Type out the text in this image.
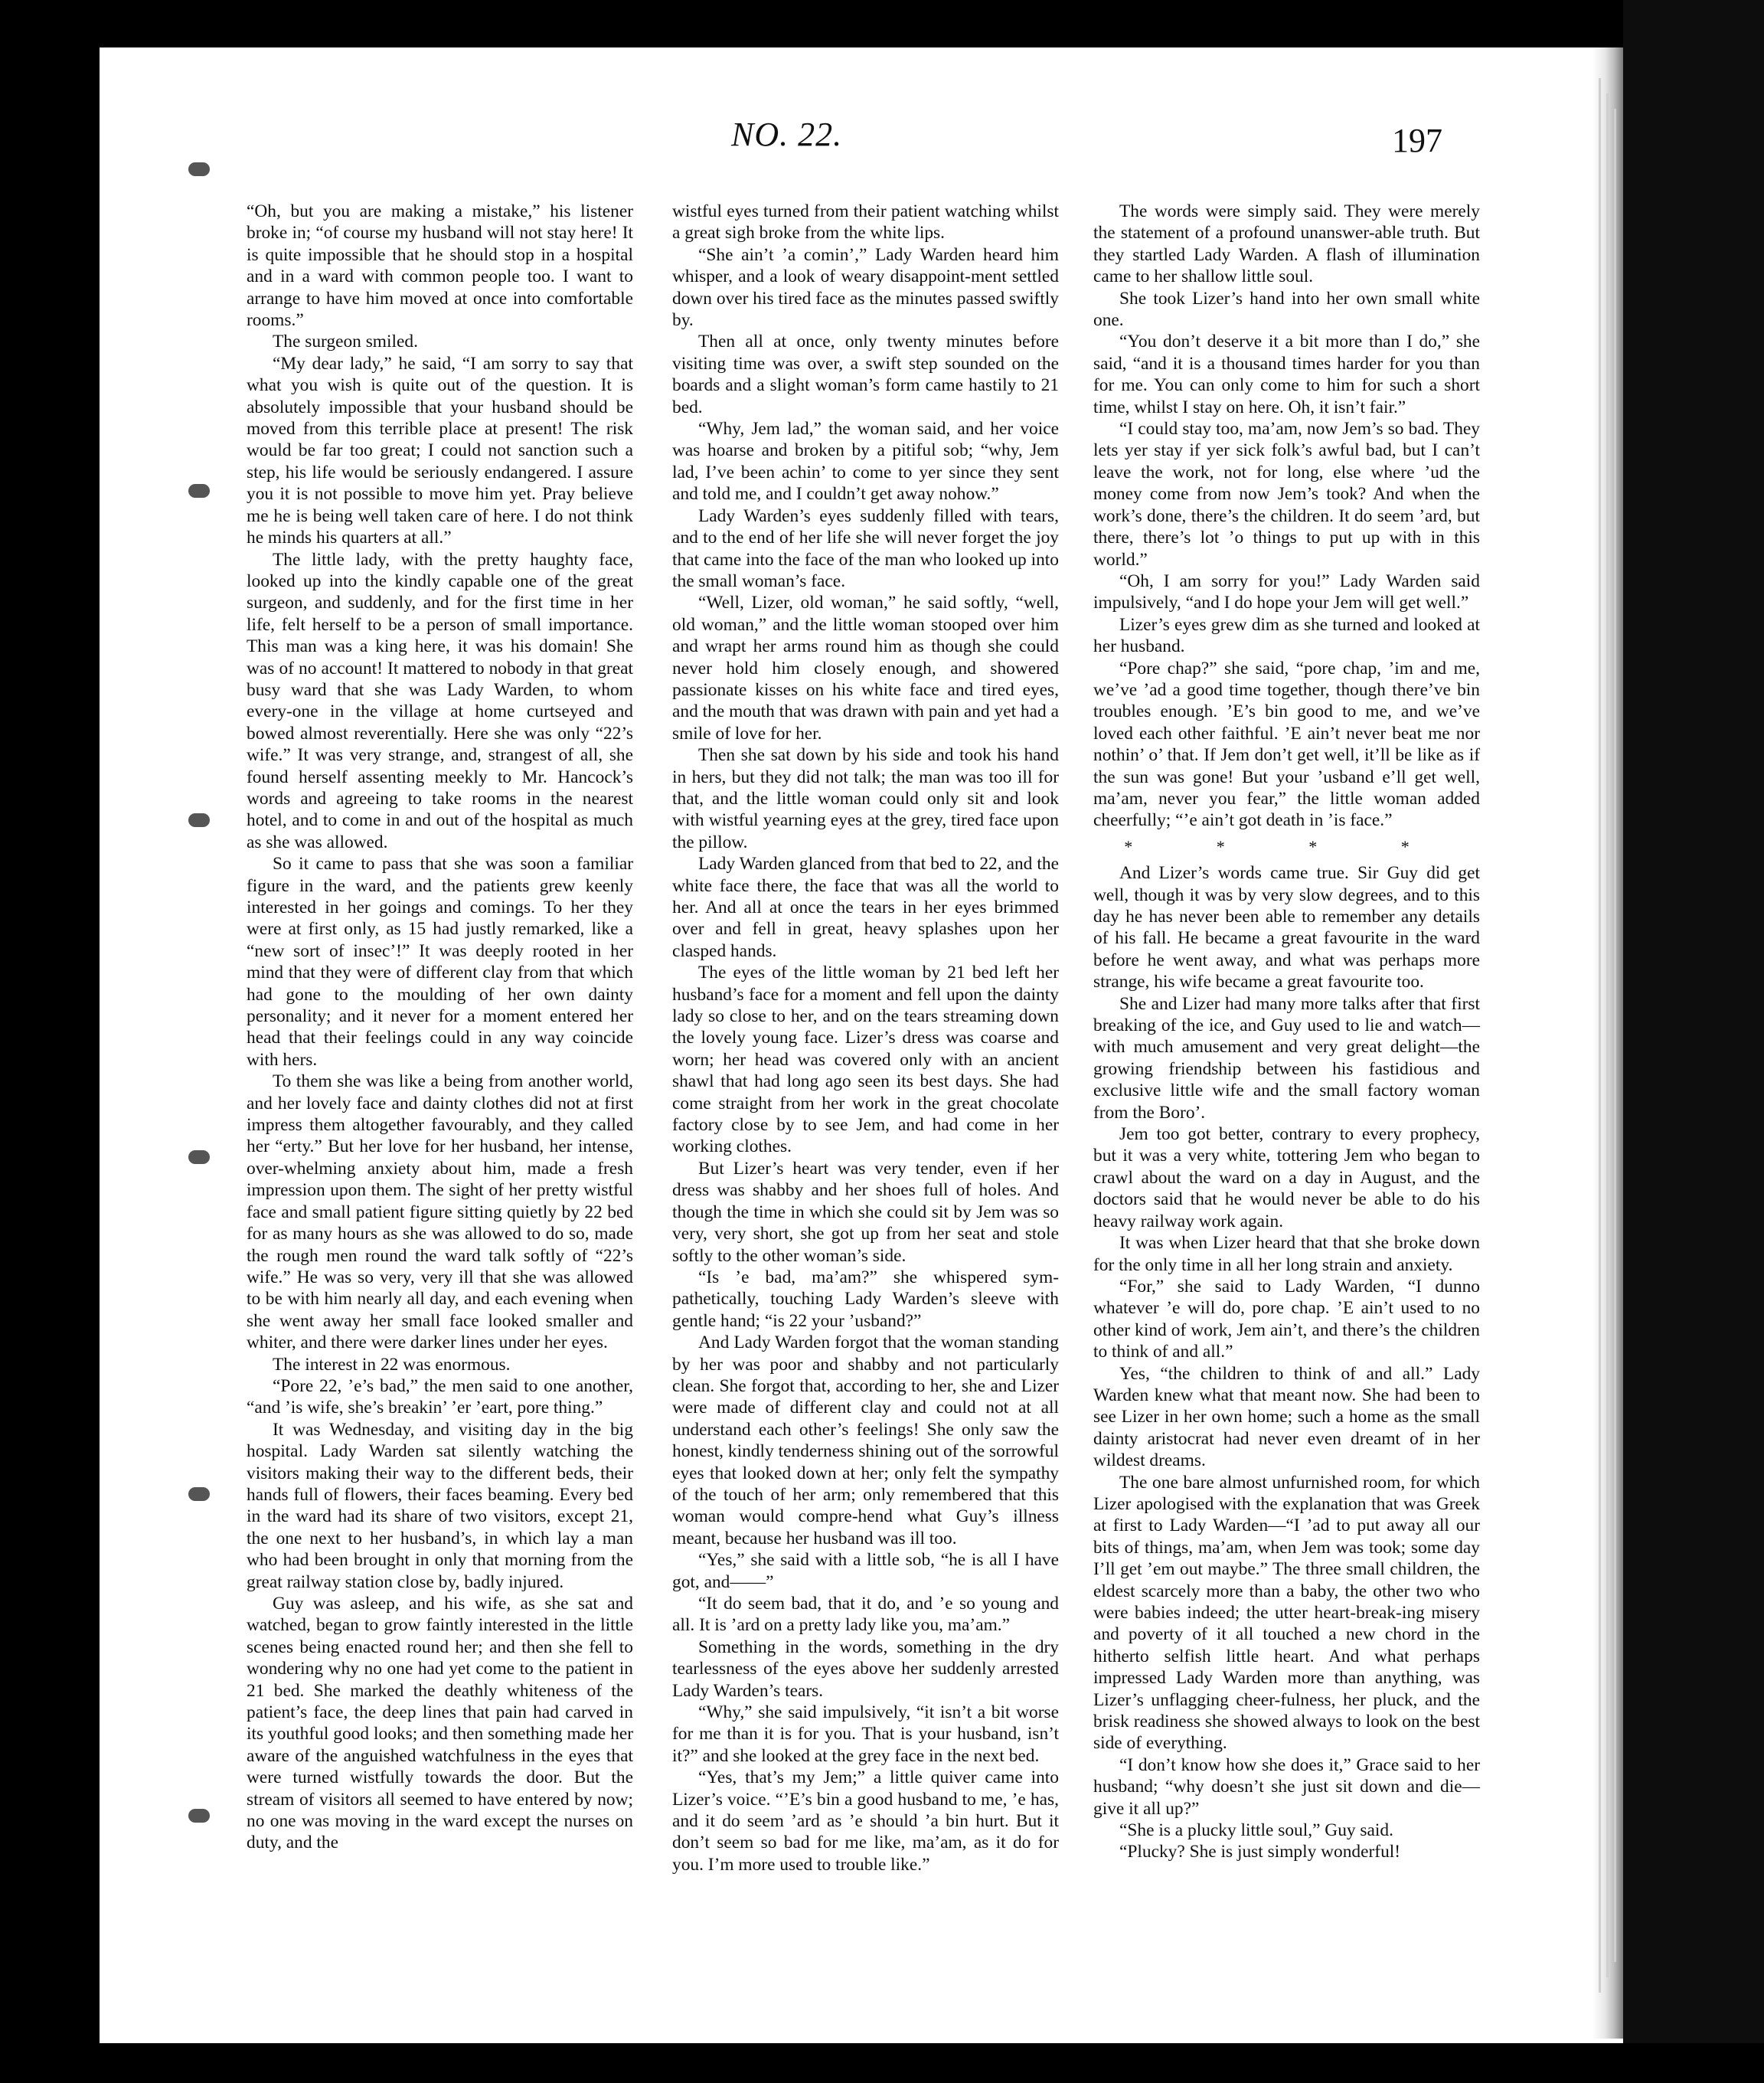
NO. 22.	197

“Oh, but you are making a mistake,” his listener broke in; “of course my husband will not stay here! It is quite impossible that he should stop in a hospital and in a ward with common people too. I want to arrange to have him moved at once into comfortable rooms.”

The surgeon smiled.

“My dear lady,” he said, “I am sorry to say that what you wish is quite out of the question. It is absolutely impossible that your husband should be moved from this terrible place at present! The risk would be far too great; I could not sanction such a step, his life would be seriously endangered. I assure you it is not possible to move him yet. Pray believe me he is being well taken care of here. I do not think he minds his quarters at all.”

The little lady, with the pretty haughty face, looked up into the kindly capable one of the great surgeon, and suddenly, and for the first time in her life, felt herself to be a person of small importance. This man was a king here, it was his domain! She was of no account! It mattered to nobody in that great busy ward that she was Lady Warden, to whom every-one in the village at home curtseyed and bowed almost reverentially. Here she was only “22’s wife.” It was very strange, and, strangest of all, she found herself assenting meekly to Mr. Hancock’s words and agreeing to take rooms in the nearest hotel, and to come in and out of the hospital as much as she was allowed.

So it came to pass that she was soon a familiar figure in the ward, and the patients grew keenly interested in her goings and comings. To her they were at first only, as 15 had justly remarked, like a “new sort of insec’!” It was deeply rooted in her mind that they were of different clay from that which had gone to the moulding of her own dainty personality; and it never for a moment entered her head that their feelings could in any way coincide with hers.

To them she was like a being from another world, and her lovely face and dainty clothes did not at first impress them altogether favourably, and they called her “erty.” But her love for her husband, her intense, over-whelming anxiety about him, made a fresh impression upon them. The sight of her pretty wistful face and small patient figure sitting quietly by 22 bed for as many hours as she was allowed to do so, made the rough men round the ward talk softly of “22’s wife.” He was so very, very ill that she was allowed to be with him nearly all day, and each evening when she went away her small face looked smaller and whiter, and there were darker lines under her eyes.

The interest in 22 was enormous.

“Pore 22, ’e’s bad,” the men said to one another, “and ’is wife, she’s breakin’ ’er ’eart, pore thing.”

It was Wednesday, and visiting day in the big hospital. Lady Warden sat silently watching the visitors making their way to the different beds, their hands full of flowers, their faces beaming. Every bed in the ward had its share of two visitors, except 21, the one next to her husband’s, in which lay a man who had been brought in only that morning from the great railway station close by, badly injured.

Guy was asleep, and his wife, as she sat and watched, began to grow faintly interested in the little scenes being enacted round her; and then she fell to wondering why no one had yet come to the patient in 21 bed. She marked the deathly whiteness of the patient’s face, the deep lines that pain had carved in its youthful good looks; and then something made her aware of the anguished watchfulness in the eyes that were turned wistfully towards the door. But the stream of visitors all seemed to have entered by now; no one was moving in the ward except the nurses on duty, and the

wistful eyes turned from their patient watching whilst a great sigh broke from the white lips.

“She ain’t ’a comin’,” Lady Warden heard him whisper, and a look of weary disappoint-ment settled down over his tired face as the minutes passed swiftly by.

Then all at once, only twenty minutes before visiting time was over, a swift step sounded on the boards and a slight woman’s form came hastily to 21 bed.

“Why, Jem lad,” the woman said, and her voice was hoarse and broken by a pitiful sob; “why, Jem lad, I’ve been achin’ to come to yer since they sent and told me, and I couldn’t get away nohow.”

Lady Warden’s eyes suddenly filled with tears, and to the end of her life she will never forget the joy that came into the face of the man who looked up into the small woman’s face.

“Well, Lizer, old woman,” he said softly, “well, old woman,” and the little woman stooped over him and wrapt her arms round him as though she could never hold him closely enough, and showered passionate kisses on his white face and tired eyes, and the mouth that was drawn with pain and yet had a smile of love for her.

Then she sat down by his side and took his hand in hers, but they did not talk; the man was too ill for that, and the little woman could only sit and look with wistful yearning eyes at the grey, tired face upon the pillow.

Lady Warden glanced from that bed to 22, and the white face there, the face that was all the world to her. And all at once the tears in her eyes brimmed over and fell in great, heavy splashes upon her clasped hands.

The eyes of the little woman by 21 bed left her husband’s face for a moment and fell upon the dainty lady so close to her, and on the tears streaming down the lovely young face. Lizer’s dress was coarse and worn; her head was covered only with an ancient shawl that had long ago seen its best days. She had come straight from her work in the great chocolate factory close by to see Jem, and had come in her working clothes.

But Lizer’s heart was very tender, even if her dress was shabby and her shoes full of holes. And though the time in which she could sit by Jem was so very, very short, she got up from her seat and stole softly to the other woman’s side.

“Is ’e bad, ma’am?” she whispered sym-pathetically, touching Lady Warden’s sleeve with gentle hand; “is 22 your ’usband?”

And Lady Warden forgot that the woman standing by her was poor and shabby and not particularly clean. She forgot that, according to her, she and Lizer were made of different clay and could not at all understand each other’s feelings! She only saw the honest, kindly tenderness shining out of the sorrowful eyes that looked down at her; only felt the sympathy of the touch of her arm; only remembered that this woman would compre-hend what Guy’s illness meant, because her husband was ill too.

“Yes,” she said with a little sob, “he is all I have got, and——”

“It do seem bad, that it do, and ’e so young and all. It is ’ard on a pretty lady like you, ma’am.”

Something in the words, something in the dry tearlessness of the eyes above her suddenly arrested Lady Warden’s tears.

“Why,” she said impulsively, “it isn’t a bit worse for me than it is for you. That is your husband, isn’t it?” and she looked at the grey face in the next bed.

“Yes, that’s my Jem;” a little quiver came into Lizer’s voice. “’E’s bin a good husband to me, ’e has, and it do seem ’ard as ’e should ’a bin hurt. But it don’t seem so bad for me like, ma’am, as it do for you. I’m more used to trouble like.”

The words were simply said. They were merely the statement of a profound unanswer-able truth. But they startled Lady Warden. A flash of illumination came to her shallow little soul.

She took Lizer’s hand into her own small white one.

“You don’t deserve it a bit more than I do,” she said, “and it is a thousand times harder for you than for me. You can only come to him for such a short time, whilst I stay on here. Oh, it isn’t fair.”

“I could stay too, ma’am, now Jem’s so bad. They lets yer stay if yer sick folk’s awful bad, but I can’t leave the work, not for long, else where ’ud the money come from now Jem’s took? And when the work’s done, there’s the children. It do seem ’ard, but there, there’s lot ’o things to put up with in this world.”

“Oh, I am sorry for you!” Lady Warden said impulsively, “and I do hope your Jem will get well.”

Lizer’s eyes grew dim as she turned and looked at her husband.

“Pore chap?” she said, “pore chap, ’im and me, we’ve ’ad a good time together, though there’ve bin troubles enough. ’E’s bin good to me, and we’ve loved each other faithful. ’E ain’t never beat me nor nothin’ o’ that. If Jem don’t get well, it’ll be like as if the sun was gone! But your ’usband e’ll get well, ma’am, never you fear,” the little woman added cheerfully; “’e ain’t got death in ’is face.”

* * * *

And Lizer’s words came true. Sir Guy did get well, though it was by very slow degrees, and to this day he has never been able to remember any details of his fall. He became a great favourite in the ward before he went away, and what was perhaps more strange, his wife became a great favourite too.

She and Lizer had many more talks after that first breaking of the ice, and Guy used to lie and watch—with much amusement and very great delight—the growing friendship between his fastidious and exclusive little wife and the small factory woman from the Boro’.

Jem too got better, contrary to every prophecy, but it was a very white, tottering Jem who began to crawl about the ward on a day in August, and the doctors said that he would never be able to do his heavy railway work again.

It was when Lizer heard that that she broke down for the only time in all her long strain and anxiety.

“For,” she said to Lady Warden, “I dunno whatever ’e will do, pore chap. ’E ain’t used to no other kind of work, Jem ain’t, and there’s the children to think of and all.”

Yes, “the children to think of and all.” Lady Warden knew what that meant now. She had been to see Lizer in her own home; such a home as the small dainty aristocrat had never even dreamt of in her wildest dreams.

The one bare almost unfurnished room, for which Lizer apologised with the explanation that was Greek at first to Lady Warden—“I ’ad to put away all our bits of things, ma’am, when Jem was took; some day I’ll get ’em out maybe.” The three small children, the eldest scarcely more than a baby, the other two who were babies indeed; the utter heart-break-ing misery and poverty of it all touched a new chord in the hitherto selfish little heart. And what perhaps impressed Lady Warden more than anything, was Lizer’s unflagging cheer-fulness, her pluck, and the brisk readiness she showed always to look on the best side of everything.

“I don’t know how she does it,” Grace said to her husband; “why doesn’t she just sit down and die—give it all up?”

“She is a plucky little soul,” Guy said.

“Plucky? She is just simply wonderful!
